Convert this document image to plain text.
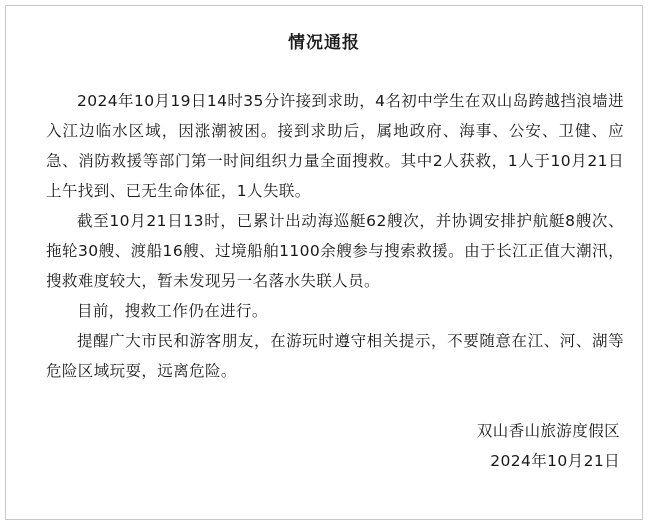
情况通报

2024年10月19日14时35分许接到求助，4名初中学生在双山岛跨越挡浪墙进入江边临水区域，因涨潮被困。接到求助后，属地政府、海事、公安、卫健、应急、消防救援等部门第一时间组织力量全面搜救。其中2人获救，1人于10月21日上午找到、已无生命体征，1人失联。

截至10月21日13时，已累计出动海巡艇62艘次，并协调安排护航艇8艘次、拖轮30艘、渡船16艘、过境船舶1100余艘参与搜索救援。由于长江正值大潮汛，搜救难度较大，暂未发现另一名落水失联人员。

目前，搜救工作仍在进行。

提醒广大市民和游客朋友，在游玩时遵守相关提示，不要随意在江、河、湖等危险区域玩耍，远离危险。

双山香山旅游度假区
2024年10月21日
